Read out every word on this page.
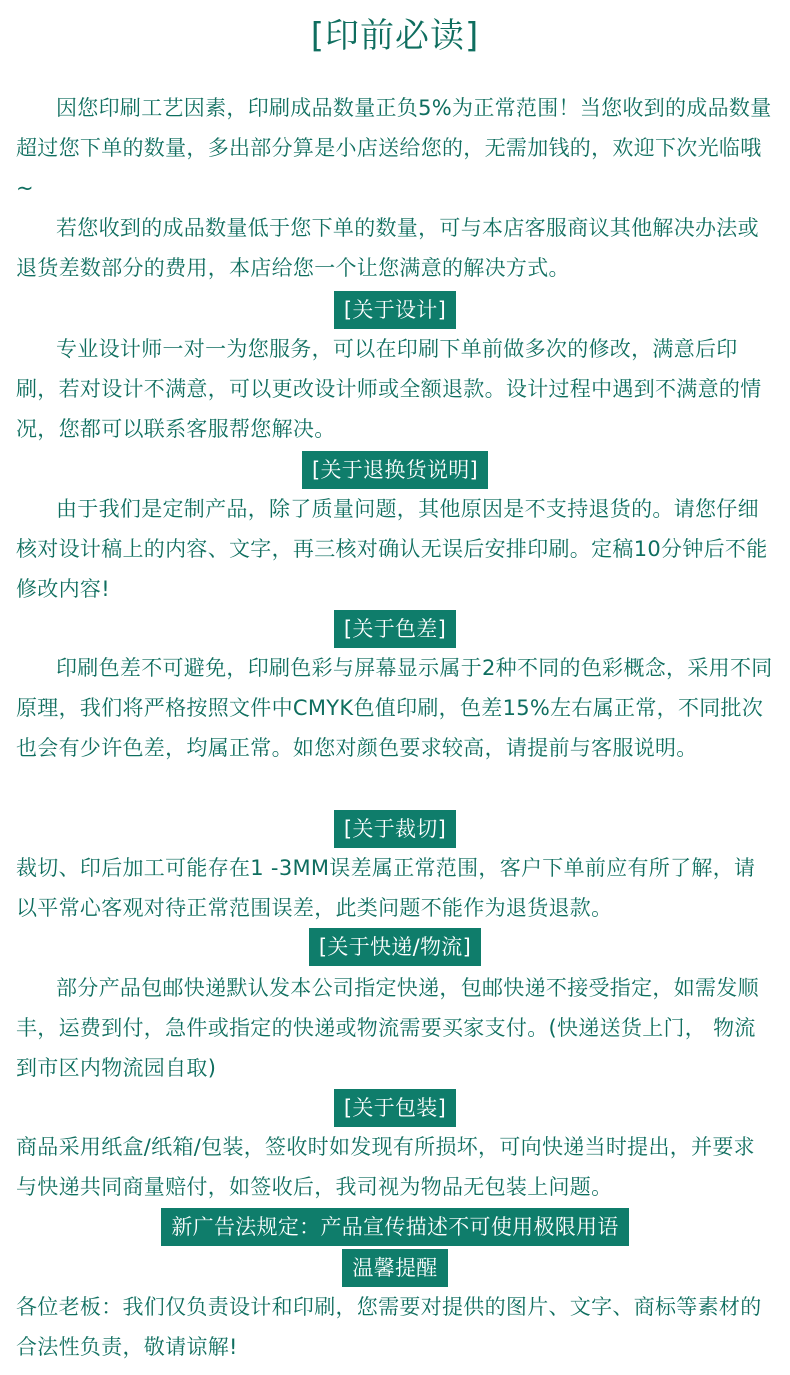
[印前必读]
因您印刷工艺因素，印刷成品数量正负5%为正常范围！当您收到的成品数量超过您下单的数量，多出部分算是小店送给您的，无需加钱的，欢迎下次光临哦~
若您收到的成品数量低于您下单的数量，可与本店客服商议其他解决办法或退货差数部分的费用，本店给您一个让您满意的解决方式。
[关于设计]
专业设计师一对一为您服务，可以在印刷下单前做多次的修改，满意后印刷，若对设计不满意，可以更改设计师或全额退款。设计过程中遇到不满意的情况，您都可以联系客服帮您解决。
[关于退换货说明]
由于我们是定制产品，除了质量问题，其他原因是不支持退货的。请您仔细核对设计稿上的内容、文字，再三核对确认无误后安排印刷。定稿10分钟后不能修改内容!
[关于色差]
印刷色差不可避免，印刷色彩与屏幕显示属于2种不同的色彩概念，采用不同原理，我们将严格按照文件中CMYK色值印刷，色差15%左右属正常，不同批次也会有少许色差，均属正常。如您对颜色要求较高，请提前与客服说明。
[关于裁切]
裁切、印后加工可能存在1 -3MM误差属正常范围，客户下单前应有所了解，请以平常心客观对待正常范围误差，此类问题不能作为退货退款。
[关于快递/物流]
部分产品包邮快递默认发本公司指定快递，包邮快递不接受指定，如需发顺丰，运费到付，急件或指定的快递或物流需要买家支付。(快递送货上门， 物流到市区内物流园自取)
[关于包装]
商品采用纸盒/纸箱/包装，签收时如发现有所损坏，可向快递当时提出，并要求与快递共同商量赔付，如签收后，我司视为物品无包装上问题。
新广告法规定：产品宣传描述不可使用极限用语
温馨提醒
各位老板：我们仅负责设计和印刷，您需要对提供的图片、文字、商标等素材的合法性负责，敬请谅解!
